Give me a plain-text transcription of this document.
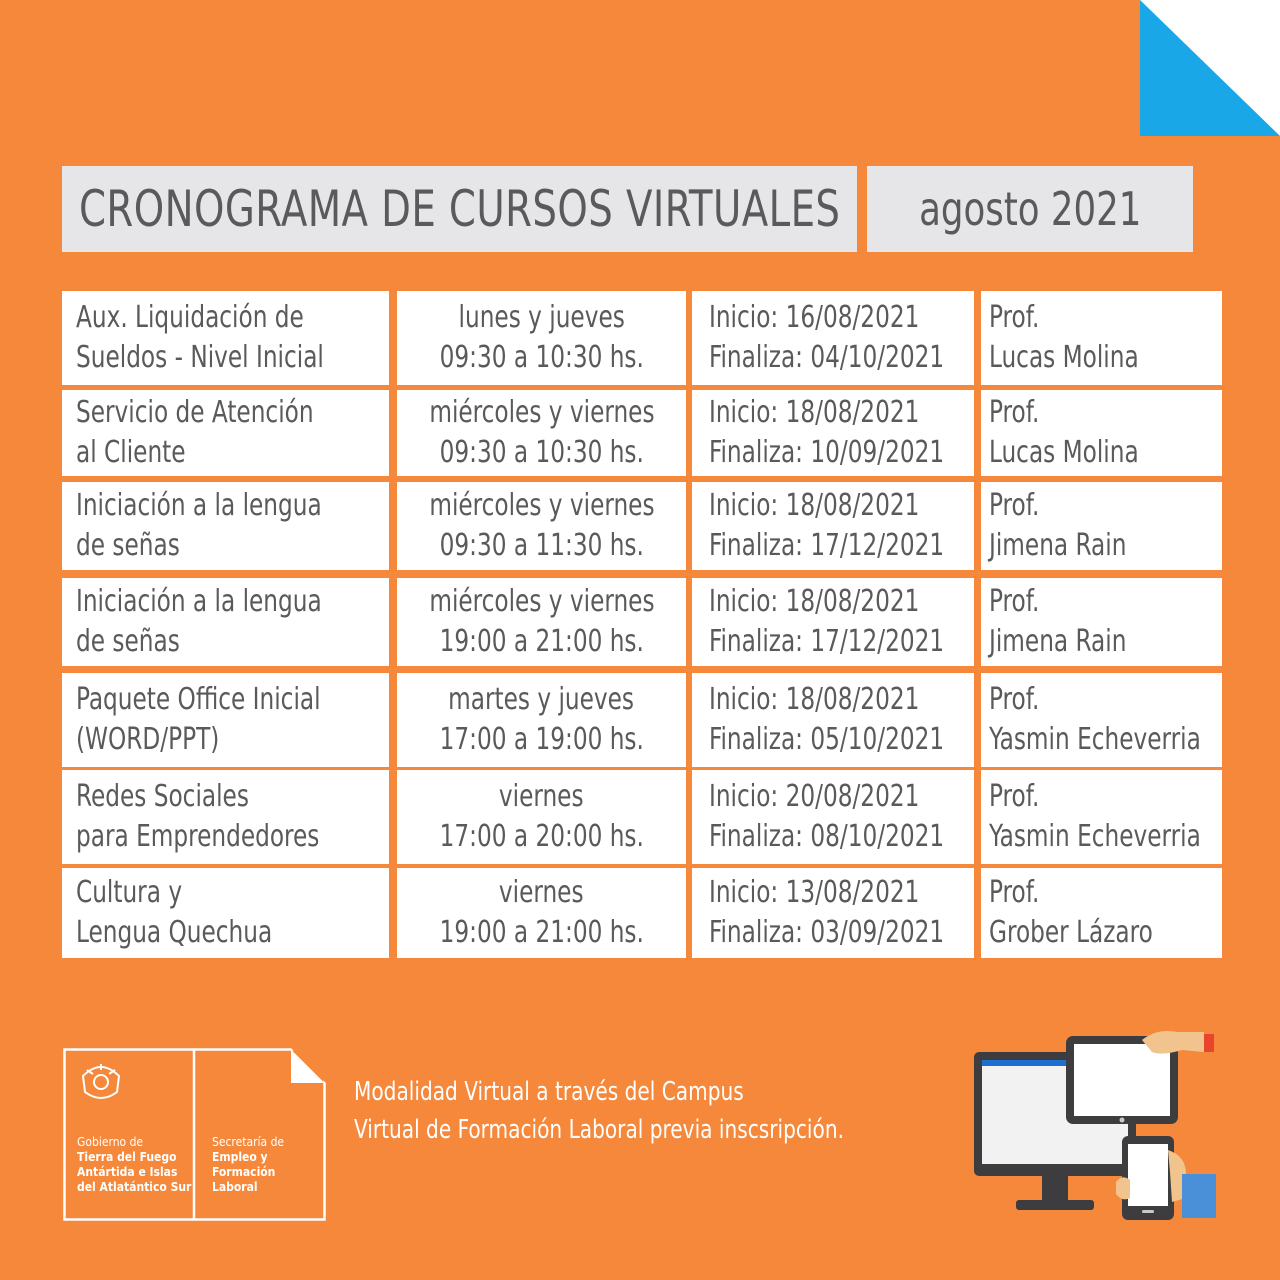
CRONOGRAMA DE CURSOS VIRTUALES agosto 2021
Aux. Liquidación de
Sueldos - Nivel Inicial
lunes y jueves
09:30 a 10:30 hs.
Inicio: 16/08/2021
Finaliza: 04/10/2021
Prof.
Lucas Molina
Servicio de Atención
al Cliente
miércoles y viernes
09:30 a 10:30 hs.
Inicio: 18/08/2021
Finaliza: 10/09/2021
Prof.
Lucas Molina
Iniciación a la lengua
de señas
miércoles y viernes
09:30 a 11:30 hs.
Inicio: 18/08/2021
Finaliza: 17/12/2021
Prof.
Jimena Rain
Iniciación a la lengua
de señas
miércoles y viernes
19:00 a 21:00 hs.
Inicio: 18/08/2021
Finaliza: 17/12/2021
Prof.
Jimena Rain
Paquete Office Inicial
(WORD/PPT)
martes y jueves
17:00 a 19:00 hs.
Inicio: 18/08/2021
Finaliza: 05/10/2021
Prof.
Yasmin Echeverria
Redes Sociales
para Emprendedores
viernes
17:00 a 20:00 hs.
Inicio: 20/08/2021
Finaliza: 08/10/2021
Prof.
Yasmin Echeverria
Cultura y
Lengua Quechua
viernes
19:00 a 21:00 hs.
Inicio: 13/08/2021
Finaliza: 03/09/2021
Prof.
Grober Lázaro
Gobierno de
Tierra del Fuego
Antártida e Islas
del Atlatántico Sur
Secretaría de
Empleo y
Formación
Laboral
Modalidad Virtual a través del Campus
Virtual de Formación Laboral previa inscsripción.
